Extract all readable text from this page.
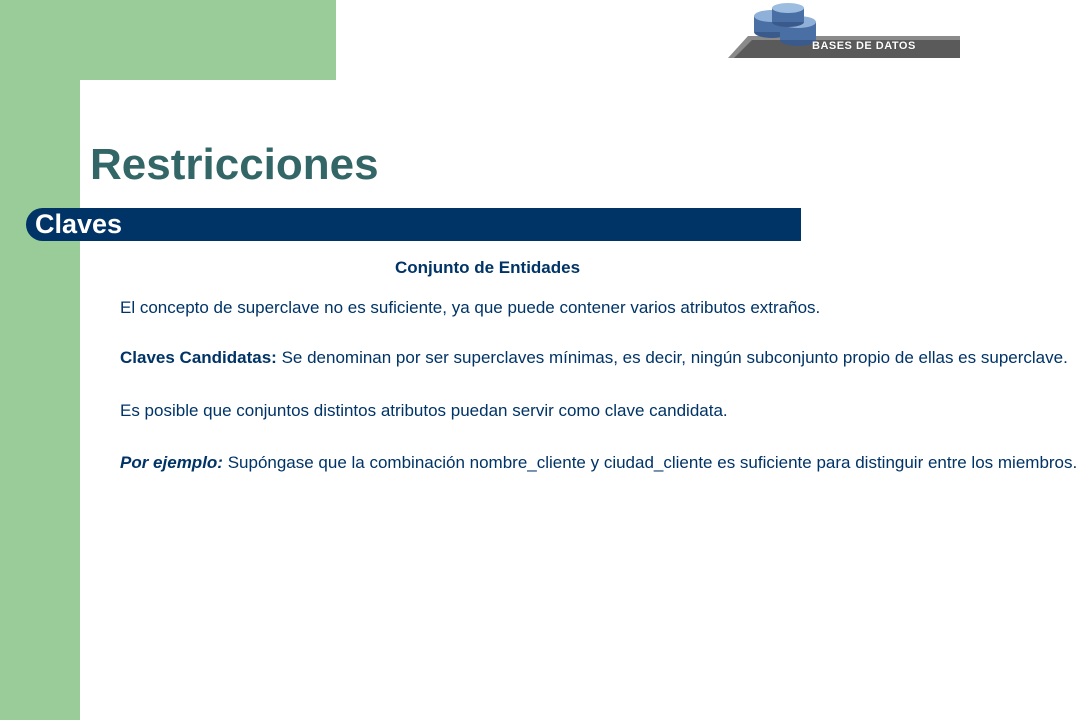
BASES DE DATOS
Restricciones
Claves
Conjunto de Entidades
El concepto de superclave no es suficiente, ya que puede contener varios atributos extraños.
Claves Candidatas: Se denominan por ser superclaves mínimas, es decir, ningún subconjunto propio de ellas es superclave.
Es posible que conjuntos distintos atributos puedan servir como clave candidata.
Por ejemplo: Supóngase que la combinación nombre_cliente y ciudad_cliente es suficiente para distinguir entre los miembros.
